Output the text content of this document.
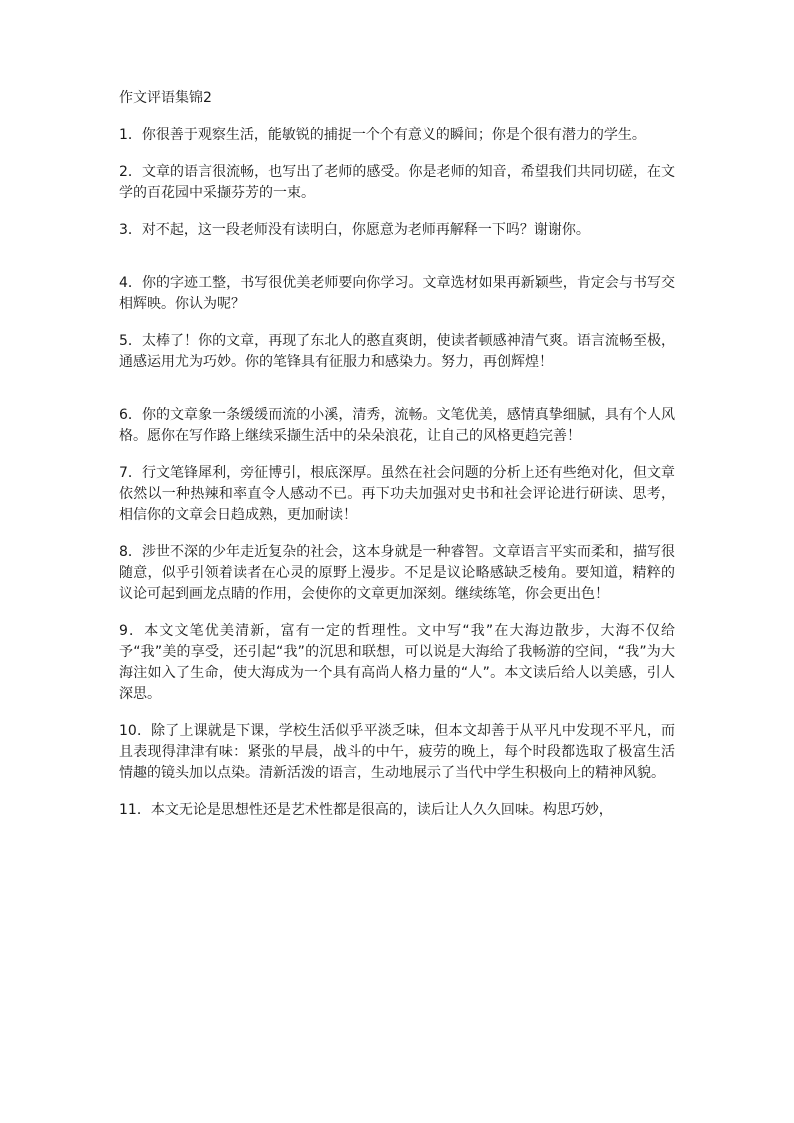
作文评语集锦2

1．你很善于观察生活，能敏锐的捕捉一个个有意义的瞬间；你是个很有潜力的学生。

2．文章的语言很流畅，也写出了老师的感受。你是老师的知音，希望我们共同切磋，在文学的百花园中采撷芬芳的一束。

3．对不起，这一段老师没有读明白，你愿意为老师再解释一下吗？谢谢你。

4．你的字迹工整，书写很优美老师要向你学习。文章选材如果再新颖些，肯定会与书写交相辉映。你认为呢？

5．太棒了！你的文章，再现了东北人的憨直爽朗，使读者顿感神清气爽。语言流畅至极，通感运用尤为巧妙。你的笔锋具有征服力和感染力。努力，再创辉煌！

6．你的文章象一条缓缓而流的小溪，清秀，流畅。文笔优美，感情真挚细腻，具有个人风格。愿你在写作路上继续采撷生活中的朵朵浪花，让自己的风格更趋完善！

7．行文笔锋犀利，旁征博引，根底深厚。虽然在社会问题的分析上还有些绝对化，但文章依然以一种热辣和率直令人感动不已。再下功夫加强对史书和社会评论进行研读、思考，相信你的文章会日趋成熟，更加耐读！

8．涉世不深的少年走近复杂的社会，这本身就是一种睿智。文章语言平实而柔和，描写很随意，似乎引领着读者在心灵的原野上漫步。不足是议论略感缺乏棱角。要知道，精粹的议论可起到画龙点睛的作用，会使你的文章更加深刻。继续练笔，你会更出色！

9．本文文笔优美清新，富有一定的哲理性。文中写“我”在大海边散步，大海不仅给予“我”美的享受，还引起“我”的沉思和联想，可以说是大海给了我畅游的空间，“我”为大海注如入了生命，使大海成为一个具有高尚人格力量的“人”。本文读后给人以美感，引人深思。

10．除了上课就是下课，学校生活似乎平淡乏味，但本文却善于从平凡中发现不平凡，而且表现得津津有味：紧张的早晨，战斗的中午，疲劳的晚上，每个时段都选取了极富生活情趣的镜头加以点染。清新活泼的语言，生动地展示了当代中学生积极向上的精神风貌。

11．本文无论是思想性还是艺术性都是很高的，读后让人久久回味。构思巧妙，
